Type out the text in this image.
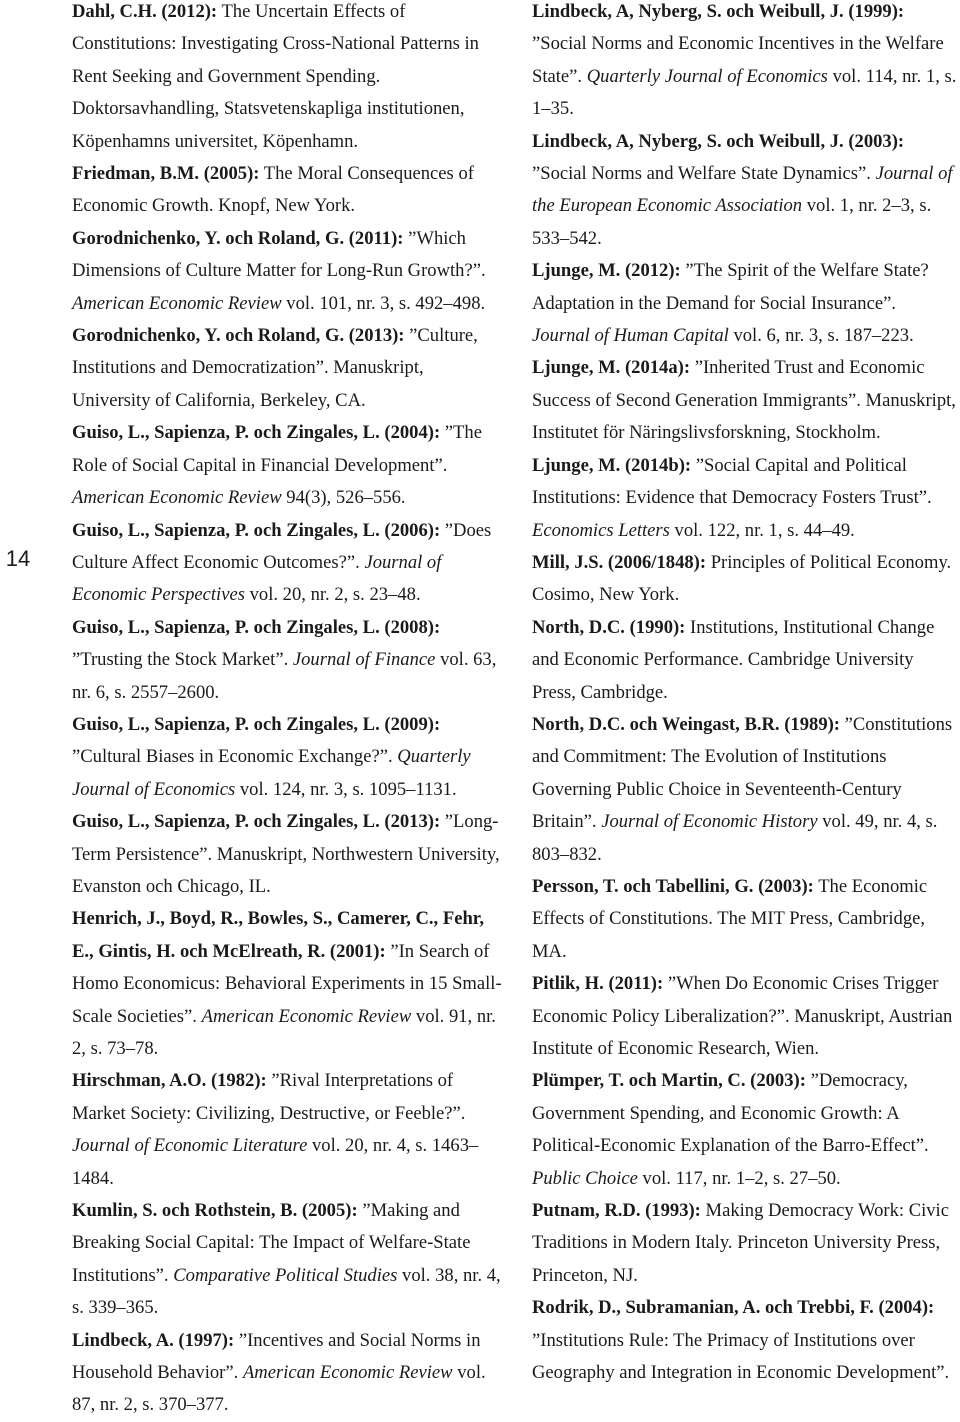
14

Dahl, C.H. (2012): The Uncertain Effects of Constitutions: Investigating Cross-National Patterns in Rent Seeking and Government Spending. Doktorsavhandling, Statsvetenskapliga institutionen, Köpenhamns universitet, Köpenhamn.

Friedman, B.M. (2005): The Moral Consequences of Economic Growth. Knopf, New York.

Gorodnichenko, Y. och Roland, G. (2011): ”Which Dimensions of Culture Matter for Long-Run Growth?”. American Economic Review vol. 101, nr. 3, s. 492–498.

Gorodnichenko, Y. och Roland, G. (2013): ”Culture, Institutions and Democratization”. Manuskript, University of California, Berkeley, CA.

Guiso, L., Sapienza, P. och Zingales, L. (2004): ”The Role of Social Capital in Financial Development”. American Economic Review 94(3), 526–556.

Guiso, L., Sapienza, P. och Zingales, L. (2006): ”Does Culture Affect Economic Outcomes?”. Journal of Economic Perspectives vol. 20, nr. 2, s. 23–48.

Guiso, L., Sapienza, P. och Zingales, L. (2008): ”Trusting the Stock Market”. Journal of Finance vol. 63, nr. 6, s. 2557–2600.

Guiso, L., Sapienza, P. och Zingales, L. (2009): ”Cultural Biases in Economic Exchange?”. Quarterly Journal of Economics vol. 124, nr. 3, s. 1095–1131.

Guiso, L., Sapienza, P. och Zingales, L. (2013): ”Long-Term Persistence”. Manuskript, Northwestern University, Evanston och Chicago, IL.

Henrich, J., Boyd, R., Bowles, S., Camerer, C., Fehr, E., Gintis, H. och McElreath, R. (2001): ”In Search of Homo Economicus: Behavioral Experiments in 15 Small-Scale Societies”. American Economic Review vol. 91, nr. 2, s. 73–78.

Hirschman, A.O. (1982): ”Rival Interpretations of Market Society: Civilizing, Destructive, or Feeble?”. Journal of Economic Literature vol. 20, nr. 4, s. 1463–1484.

Kumlin, S. och Rothstein, B. (2005): ”Making and Breaking Social Capital: The Impact of Welfare-State Institutions”. Comparative Political Studies vol. 38, nr. 4, s. 339–365.

Lindbeck, A. (1997): ”Incentives and Social Norms in Household Behavior”. American Economic Review vol. 87, nr. 2, s. 370–377.

Lindbeck, A, Nyberg, S. och Weibull, J. (1999): ”Social Norms and Economic Incentives in the Welfare State”. Quarterly Journal of Economics vol. 114, nr. 1, s. 1–35.

Lindbeck, A, Nyberg, S. och Weibull, J. (2003): ”Social Norms and Welfare State Dynamics”. Journal of the European Economic Association vol. 1, nr. 2–3, s. 533–542.

Ljunge, M. (2012): ”The Spirit of the Welfare State? Adaptation in the Demand for Social Insurance”. Journal of Human Capital vol. 6, nr. 3, s. 187–223.

Ljunge, M. (2014a): ”Inherited Trust and Economic Success of Second Generation Immigrants”. Manuskript, Institutet för Näringslivsforskning, Stockholm.

Ljunge, M. (2014b): ”Social Capital and Political Institutions: Evidence that Democracy Fosters Trust”. Economics Letters vol. 122, nr. 1, s. 44–49.

Mill, J.S. (2006/1848): Principles of Political Economy. Cosimo, New York.

North, D.C. (1990): Institutions, Institutional Change and Economic Performance. Cambridge University Press, Cambridge.

North, D.C. och Weingast, B.R. (1989): ”Constitutions and Commitment: The Evolution of Institutions Governing Public Choice in Seventeenth-Century Britain”. Journal of Economic History vol. 49, nr. 4, s. 803–832.

Persson, T. och Tabellini, G. (2003): The Economic Effects of Constitutions. The MIT Press, Cambridge, MA.

Pitlik, H. (2011): ”When Do Economic Crises Trigger Economic Policy Liberalization?”. Manuskript, Austrian Institute of Economic Research, Wien.

Plümper, T. och Martin, C. (2003): ”Democracy, Government Spending, and Economic Growth: A Political-Economic Explanation of the Barro-Effect”. Public Choice vol. 117, nr. 1–2, s. 27–50.

Putnam, R.D. (1993): Making Democracy Work: Civic Traditions in Modern Italy. Princeton University Press, Princeton, NJ.

Rodrik, D., Subramanian, A. och Trebbi, F. (2004): ”Institutions Rule: The Primacy of Institutions over Geography and Integration in Economic Development”.
